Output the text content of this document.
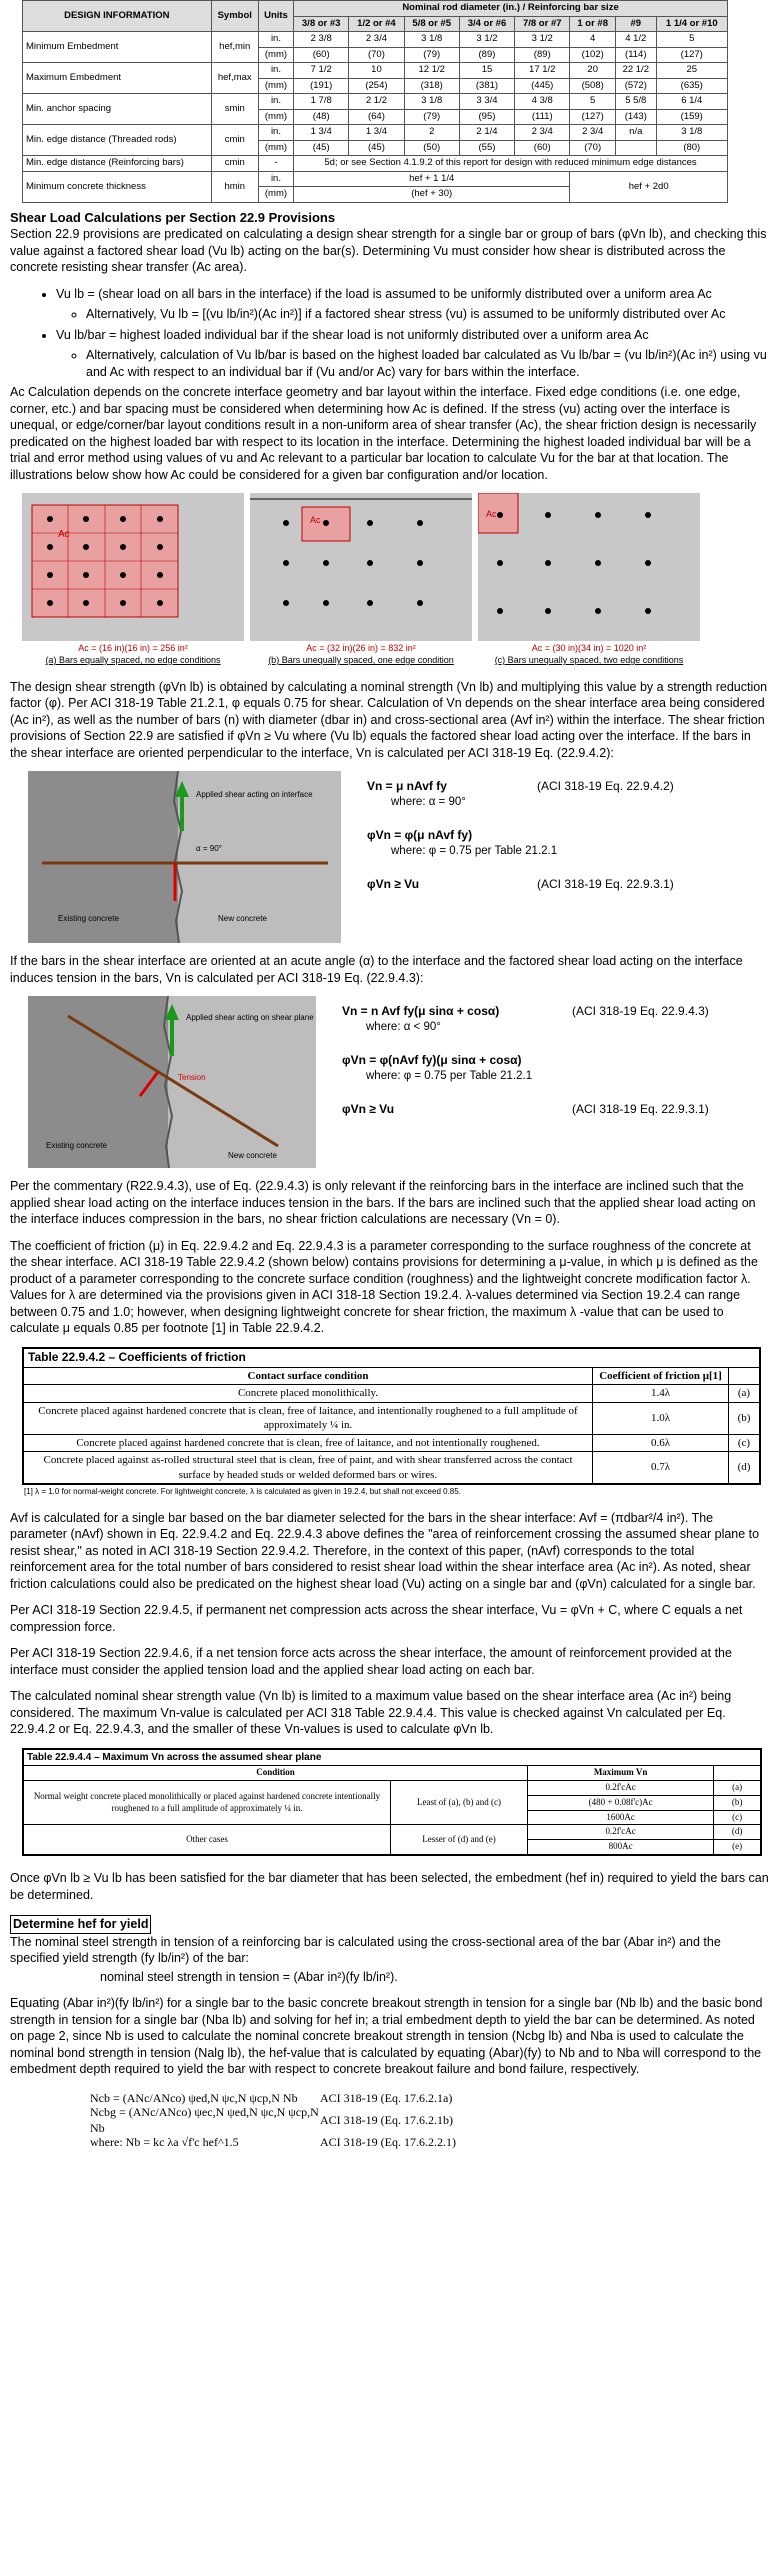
DESIGN INFORMATION	Symbol	Units	Nominal rod diameter (in.) / Reinforcing bar size							
			3/8 or #3	1/2 or #4	5/8 or #5	3/4 or #6	7/8 or #7	1 or #8	#9	1 1/4 or #10
Minimum Embedment	hef,min	in.	2 3/8	2 3/4	3 1/8	3 1/2	3 1/2	4	4 1/2	5
		(mm)	(60)	(70)	(79)	(89)	(89)	(102)	(114)	(127)
Maximum Embedment	hef,max	in.	7 1/2	10	12 1/2	15	17 1/2	20	22 1/2	25
		(mm)	(191)	(254)	(318)	(381)	(445)	(508)	(572)	(635)
Min. anchor spacing	smin	in.	1 7/8	2 1/2	3 1/8	3 3/4	4 3/8	5	5 5/8	6 1/4
		(mm)	(48)	(64)	(79)	(95)	(111)	(127)	(143)	(159)
Min. edge distance (Threaded rods)	cmin	in.	1 3/4	1 3/4	2	2 1/4	2 3/4	2 3/4	n/a	3 1/8
		(mm)	(45)	(45)	(50)	(55)	(60)	(70)		(80)
Min. edge distance (Reinforcing bars)	cmin	-	5d; or see Section 4.1.9.2 of this report for design with reduced minimum edge distances							
Minimum concrete thickness	hmin	in.	hef + 1 1/4					hef + 2d0		
		(mm)	(hef + 30)							
Shear Load Calculations per Section 22.9 Provisions

Section 22.9 provisions are predicated on calculating a design shear strength for a single bar or group of bars (φVn lb), and checking this value against a factored shear load (Vu lb) acting on the bar(s). Determining Vu must consider how shear is distributed across the concrete resisting shear transfer (Ac area).

• Vu lb = (shear load on all bars in the interface) if the load is assumed to be uniformly distributed over a uniform area Ac
◦ Alternatively, Vu lb = [(vu lb/in²)(Ac in²)] if a factored shear stress (vu) is assumed to be uniformly distributed over Ac
• Vu lb/bar = highest loaded individual bar if the shear load is not uniformly distributed over a uniform area Ac
◦ Alternatively, calculation of Vu lb/bar is based on the highest loaded bar calculated as Vu lb/bar = (vu lb/in²)(Ac in²) using vu and Ac with respect to an individual bar if (Vu and/or Ac) vary for bars within the interface.

Ac Calculation depends on the concrete interface geometry and bar layout within the interface. Fixed edge conditions (i.e. one edge, corner, etc.) and bar spacing must be considered when determining how Ac is defined. If the stress (vu) acting over the interface is unequal, or edge/corner/bar layout conditions result in a non-uniform area of shear transfer (Ac), the shear friction design is necessarily predicated on the highest loaded bar with respect to its location in the interface. Determining the highest loaded individual bar will be a trial and error method using values of vu and Ac relevant to a particular bar location to calculate Vu for the bar at that location. The illustrations below show how Ac could be considered for a given bar configuration and/or location.

Ac
Ac
Ac
Ac = (16 in)(16 in) = 256 in²	Ac = (32 in)(26 in) = 832 in²	Ac = (30 in)(34 in) = 1020 in²
(a) Bars equally spaced, no edge conditions	(b) Bars unequally spaced, one edge condition	(c) Bars unequally spaced, two edge conditions

The design shear strength (φVn lb) is obtained by calculating a nominal strength (Vn lb) and multiplying this value by a strength reduction factor (φ). Per ACI 318-19 Table 21.2.1, φ equals 0.75 for shear. Calculation of Vn depends on the shear interface area being considered (Ac in²), as well as the number of bars (n) with diameter (dbar in) and cross-sectional area (Avf in²) within the interface. The shear friction provisions of Section 22.9 are satisfied if φVn ≥ Vu where (Vu lb) equals the factored shear load acting over the interface. If the bars in the shear interface are oriented perpendicular to the interface, Vn is calculated per ACI 318-19 Eq. (22.9.4.2):

Applied shear acting on interface
α = 90°
Existing concrete	New concrete
Vn = μ nAvf fy	(ACI 318-19 Eq. 22.9.4.2)
where: α = 90°
φVn = φ(μ nAvf fy)
where: φ = 0.75 per Table 21.2.1
φVn ≥ Vu	(ACI 318-19 Eq. 22.9.3.1)

If the bars in the shear interface are oriented at an acute angle (α) to the interface and the factored shear load acting on the interface induces tension in the bars, Vn is calculated per ACI 318-19 Eq. (22.9.4.3):

Applied shear acting on shear plane
Tension
Existing concrete
New concrete
Vn = n Avf fy(μ sinα + cosα)	(ACI 318-19 Eq. 22.9.4.3)
where: α < 90°
φVn = φ(nAvf fy)(μ sinα + cosα)
where: φ = 0.75 per Table 21.2.1
φVn ≥ Vu	(ACI 318-19 Eq. 22.9.3.1)

Per the commentary (R22.9.4.3), use of Eq. (22.9.4.3) is only relevant if the reinforcing bars in the interface are inclined such that the applied shear load acting on the interface induces tension in the bars. If the bars are inclined such that the applied shear load acting on the interface induces compression in the bars, no shear friction calculations are necessary (Vn = 0).

The coefficient of friction (μ) in Eq. 22.9.4.2 and Eq. 22.9.4.3 is a parameter corresponding to the surface roughness of the concrete at the shear interface. ACI 318-19 Table 22.9.4.2 (shown below) contains provisions for determining a μ-value, in which μ is defined as the product of a parameter corresponding to the concrete surface condition (roughness) and the lightweight concrete modification factor λ. Values for λ are determined via the provisions given in ACI 318-18 Section 19.2.4. λ-values determined via Section 19.2.4 can range between 0.75 and 1.0; however, when designing lightweight concrete for shear friction, the maximum λ -value that can be used to calculate μ equals 0.85 per footnote [1] in Table 22.9.4.2.

Table 22.9.4.2 – Coefficients of friction		
Contact surface condition	Coefficient of friction μ[1]	
Concrete placed monolithically.	1.4λ	(a)
Concrete placed against hardened concrete that is clean, free of laitance, and intentionally roughened to a full amplitude of approximately ¼ in.	1.0λ	(b)
Concrete placed against hardened concrete that is clean, free of laitance, and not intentionally roughened.	0.6λ	(c)
Concrete placed against as-rolled structural steel that is clean, free of paint, and with shear transferred across the contact surface by headed studs or welded deformed bars or wires.	0.7λ	(d)
[1] λ = 1.0 for normal-weight concrete. For lightweight concrete, λ is calculated as given in 19.2.4, but shall not exceed 0.85.

Avf is calculated for a single bar based on the bar diameter selected for the bars in the shear interface: Avf = (πdbar²/4 in²). The parameter (nAvf) shown in Eq. 22.9.4.2 and Eq. 22.9.4.3 above defines the "area of reinforcement crossing the assumed shear plane to resist shear," as noted in ACI 318-19 Section 22.9.4.2. Therefore, in the context of this paper, (nAvf) corresponds to the total reinforcement area for the total number of bars considered to resist shear load within the shear interface area (Ac in²). As noted, shear friction calculations could also be predicated on the highest shear load (Vu) acting on a single bar and (φVn) calculated for a single bar.

Per ACI 318-19 Section 22.9.4.5, if permanent net compression acts across the shear interface, Vu = φVn + C, where C equals a net compression force.

Per ACI 318-19 Section 22.9.4.6, if a net tension force acts across the shear interface, the amount of reinforcement provided at the interface must consider the applied tension load and the applied shear load acting on each bar.

The calculated nominal shear strength value (Vn lb) is limited to a maximum value based on the shear interface area (Ac in²) being considered. The maximum Vn-value is calculated per ACI 318 Table 22.9.4.4. This value is checked against Vn calculated per Eq. 22.9.4.2 or Eq. 22.9.4.3, and the smaller of these Vn-values is used to calculate φVn lb.

Table 22.9.4.4 – Maximum Vn across the assumed shear plane			
Condition		Maximum Vn	
Normal weight concrete placed monolithically or placed against hardened concrete intentionally roughened to a full amplitude of approximately ¼ in.	Least of (a), (b) and (c)	0.2f'cAc	(a)
		(480 + 0.08f'c)Ac	(b)
		1600Ac	(c)
Other cases	Lesser of (d) and (e)	0.2f'cAc	(d)
		800Ac	(e)

Once φVn lb ≥ Vu lb has been satisfied for the bar diameter that has been selected, the embedment (hef in) required to yield the bars can be determined.

Determine hef for yield

The nominal steel strength in tension of a reinforcing bar is calculated using the cross-sectional area of the bar (Abar in²) and the specified yield strength (fy lb/in²) of the bar:

nominal steel strength in tension = (Abar in²)(fy lb/in²).

Equating (Abar in²)(fy lb/in²) for a single bar to the basic concrete breakout strength in tension for a single bar (Nb lb) and the basic bond strength in tension for a single bar (Nba lb) and solving for hef in; a trial embedment depth to yield the bar can be determined. As noted on page 2, since Nb is used to calculate the nominal concrete breakout strength in tension (Ncbg lb) and Nba is used to calculate the nominal bond strength in tension (Nalg lb), the hef-value that is calculated by equating (Abar)(fy) to Nb and to Nba will correspond to the embedment depth required to yield the bar with respect to concrete breakout failure and bond failure, respectively.

Ncb = (ANc/ANco) ψed,N ψc,N ψcp,N Nb	ACI 318-19 (Eq. 17.6.2.1a)
Ncbg = (ANc/ANco) ψec,N ψed,N ψc,N ψcp,N Nb
ACI 318-19 (Eq. 17.6.2.1b)
where: Nb = kc λa √f'c hef^1.5	ACI 318-19 (Eq. 17.6.2.2.1)
